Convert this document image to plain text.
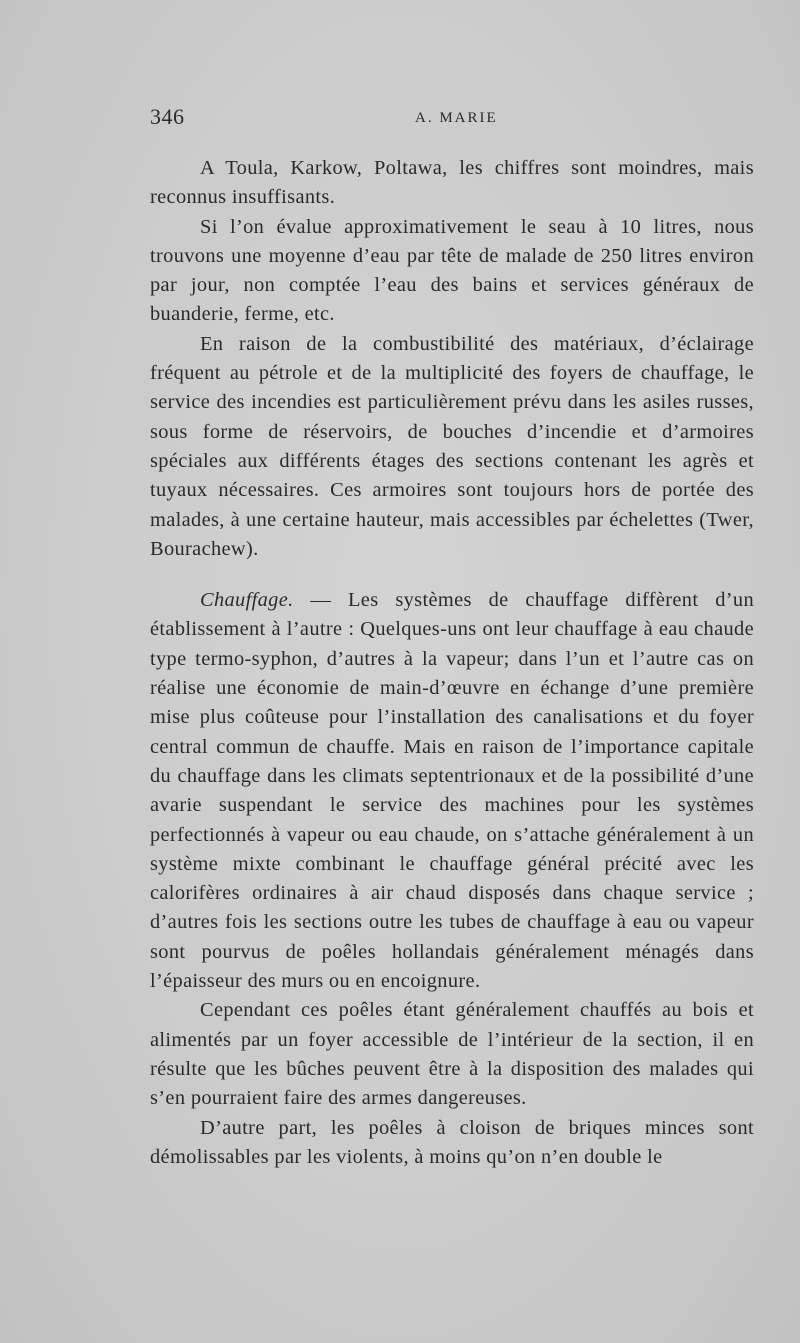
346	A. MARIE

A Toula, Karkow, Poltawa, les chiffres sont moindres, mais reconnus insuffisants.

Si l’on évalue approximativement le seau à 10 litres, nous trouvons une moyenne d’eau par tête de malade de 250 litres environ par jour, non comptée l’eau des bains et services généraux de buanderie, ferme, etc.

En raison de la combustibilité des matériaux, d’éclairage fréquent au pétrole et de la multiplicité des foyers de chauffage, le service des incendies est particulièrement prévu dans les asiles russes, sous forme de réservoirs, de bouches d’incendie et d’armoires spéciales aux différents étages des sections contenant les agrès et tuyaux nécessaires. Ces armoires sont toujours hors de portée des malades, à une certaine hauteur, mais accessibles par échelettes (Twer, Bourachew).

Chauffage. — Les systèmes de chauffage diffèrent d’un établissement à l’autre : Quelques-uns ont leur chauffage à eau chaude type termo-syphon, d’autres à la vapeur; dans l’un et l’autre cas on réalise une économie de main-d’œuvre en échange d’une première mise plus coûteuse pour l’installation des canalisations et du foyer central commun de chauffe. Mais en raison de l’importance capitale du chauffage dans les climats septentrionaux et de la possibilité d’une avarie suspendant le service des machines pour les systèmes perfectionnés à vapeur ou eau chaude, on s’attache généralement à un système mixte combinant le chauffage général précité avec les calorifères ordinaires à air chaud disposés dans chaque service ; d’autres fois les sections outre les tubes de chauffage à eau ou vapeur sont pourvus de poêles hollandais généralement ménagés dans l’épaisseur des murs ou en encoignure.

Cependant ces poêles étant généralement chauffés au bois et alimentés par un foyer accessible de l’intérieur de la section, il en résulte que les bûches peuvent être à la disposition des malades qui s’en pourraient faire des armes dangereuses.

D’autre part, les poêles à cloison de briques minces sont démolissables par les violents, à moins qu’on n’en double le
